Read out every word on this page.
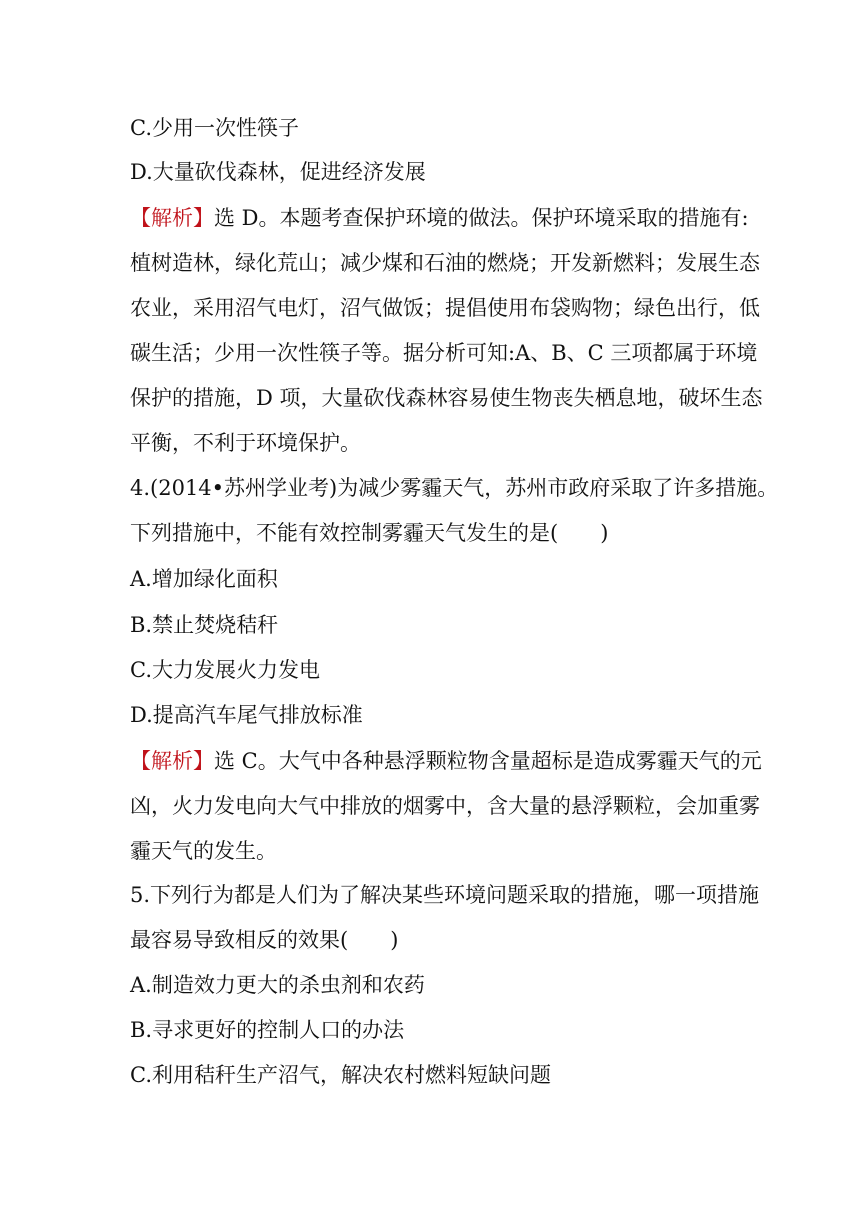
C.少用一次性筷子
D.大量砍伐森林，促进经济发展
【解析】选 D。本题考查保护环境的做法。保护环境采取的措施有:
植树造林，绿化荒山；减少煤和石油的燃烧；开发新燃料；发展生态
农业，采用沼气电灯，沼气做饭；提倡使用布袋购物；绿色出行，低
碳生活；少用一次性筷子等。据分析可知:A、B、C 三项都属于环境
保护的措施，D 项，大量砍伐森林容易使生物丧失栖息地，破坏生态
平衡，不利于环境保护。
4.(2014•苏州学业考)为减少雾霾天气，苏州市政府采取了许多措施。
下列措施中，不能有效控制雾霾天气发生的是(　　)
A.增加绿化面积
B.禁止焚烧秸秆
C.大力发展火力发电
D.提高汽车尾气排放标准
【解析】选 C。大气中各种悬浮颗粒物含量超标是造成雾霾天气的元
凶，火力发电向大气中排放的烟雾中，含大量的悬浮颗粒，会加重雾
霾天气的发生。
5.下列行为都是人们为了解决某些环境问题采取的措施，哪一项措施
最容易导致相反的效果(　　)
A.制造效力更大的杀虫剂和农药
B.寻求更好的控制人口的办法
C.利用秸秆生产沼气，解决农村燃料短缺问题
